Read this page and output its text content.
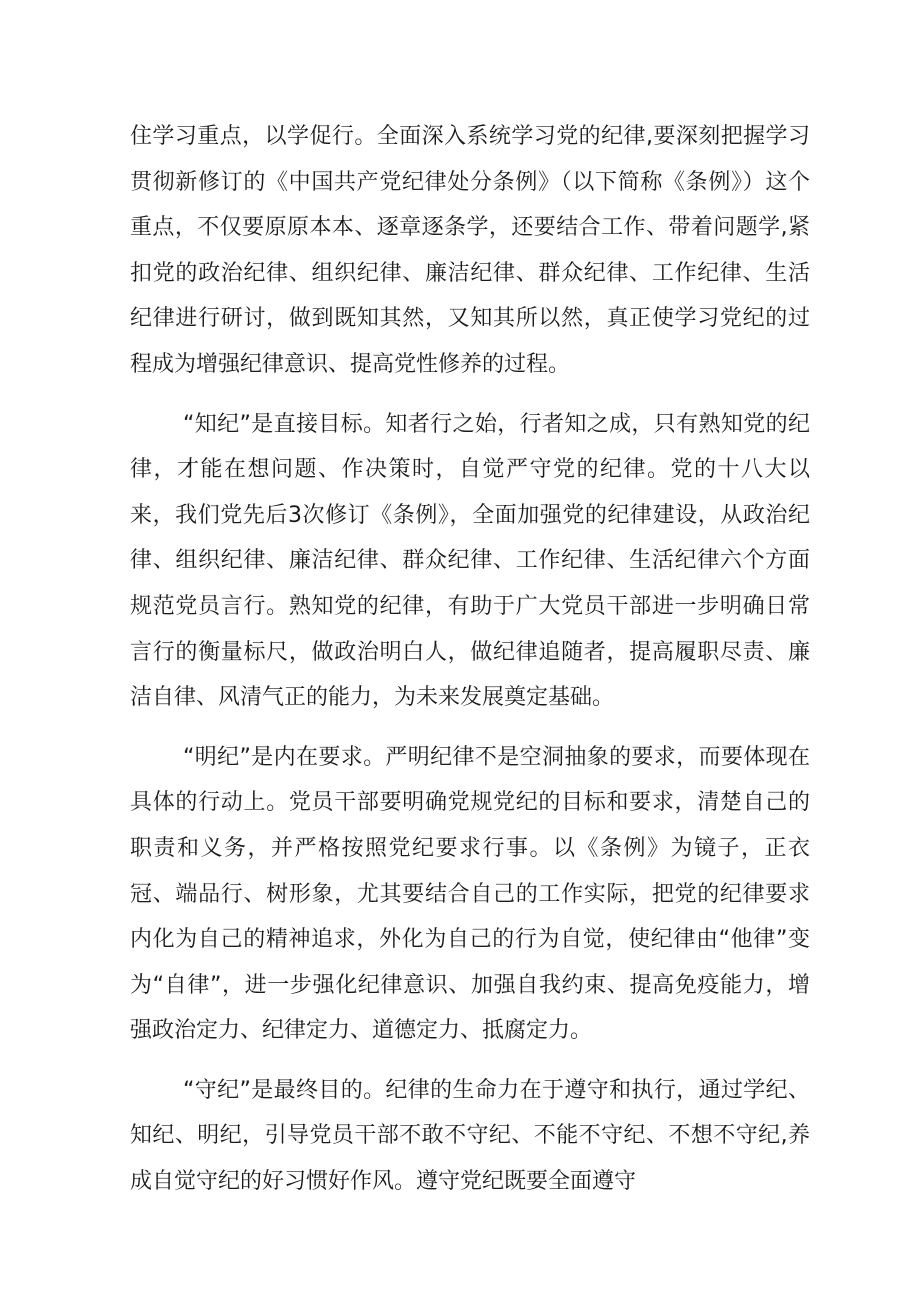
住学习重点，以学促行。全面深入系统学习党的纪律,要深刻把握学习贯彻新修订的《中国共产党纪律处分条例》（以下简称《条例》）这个重点，不仅要原原本本、逐章逐条学，还要结合工作、带着问题学,紧扣党的政治纪律、组织纪律、廉洁纪律、群众纪律、工作纪律、生活纪律进行研讨，做到既知其然，又知其所以然，真正使学习党纪的过程成为增强纪律意识、提高党性修养的过程。

“知纪”是直接目标。知者行之始，行者知之成，只有熟知党的纪律，才能在想问题、作决策时，自觉严守党的纪律。党的十八大以来，我们党先后3次修订《条例》，全面加强党的纪律建设，从政治纪律、组织纪律、廉洁纪律、群众纪律、工作纪律、生活纪律六个方面规范党员言行。熟知党的纪律，有助于广大党员干部进一步明确日常言行的衡量标尺，做政治明白人，做纪律追随者，提高履职尽责、廉洁自律、风清气正的能力，为未来发展奠定基础。

“明纪”是内在要求。严明纪律不是空洞抽象的要求，而要体现在具体的行动上。党员干部要明确党规党纪的目标和要求，清楚自己的职责和义务，并严格按照党纪要求行事。以《条例》为镜子，正衣冠、端品行、树形象，尤其要结合自己的工作实际，把党的纪律要求内化为自己的精神追求，外化为自己的行为自觉，使纪律由“他律”变为“自律”，进一步强化纪律意识、加强自我约束、提高免疫能力，增强政治定力、纪律定力、道德定力、抵腐定力。

“守纪”是最终目的。纪律的生命力在于遵守和执行，通过学纪、知纪、明纪，引导党员干部不敢不守纪、不能不守纪、不想不守纪,养成自觉守纪的好习惯好作风。遵守党纪既要全面遵守
